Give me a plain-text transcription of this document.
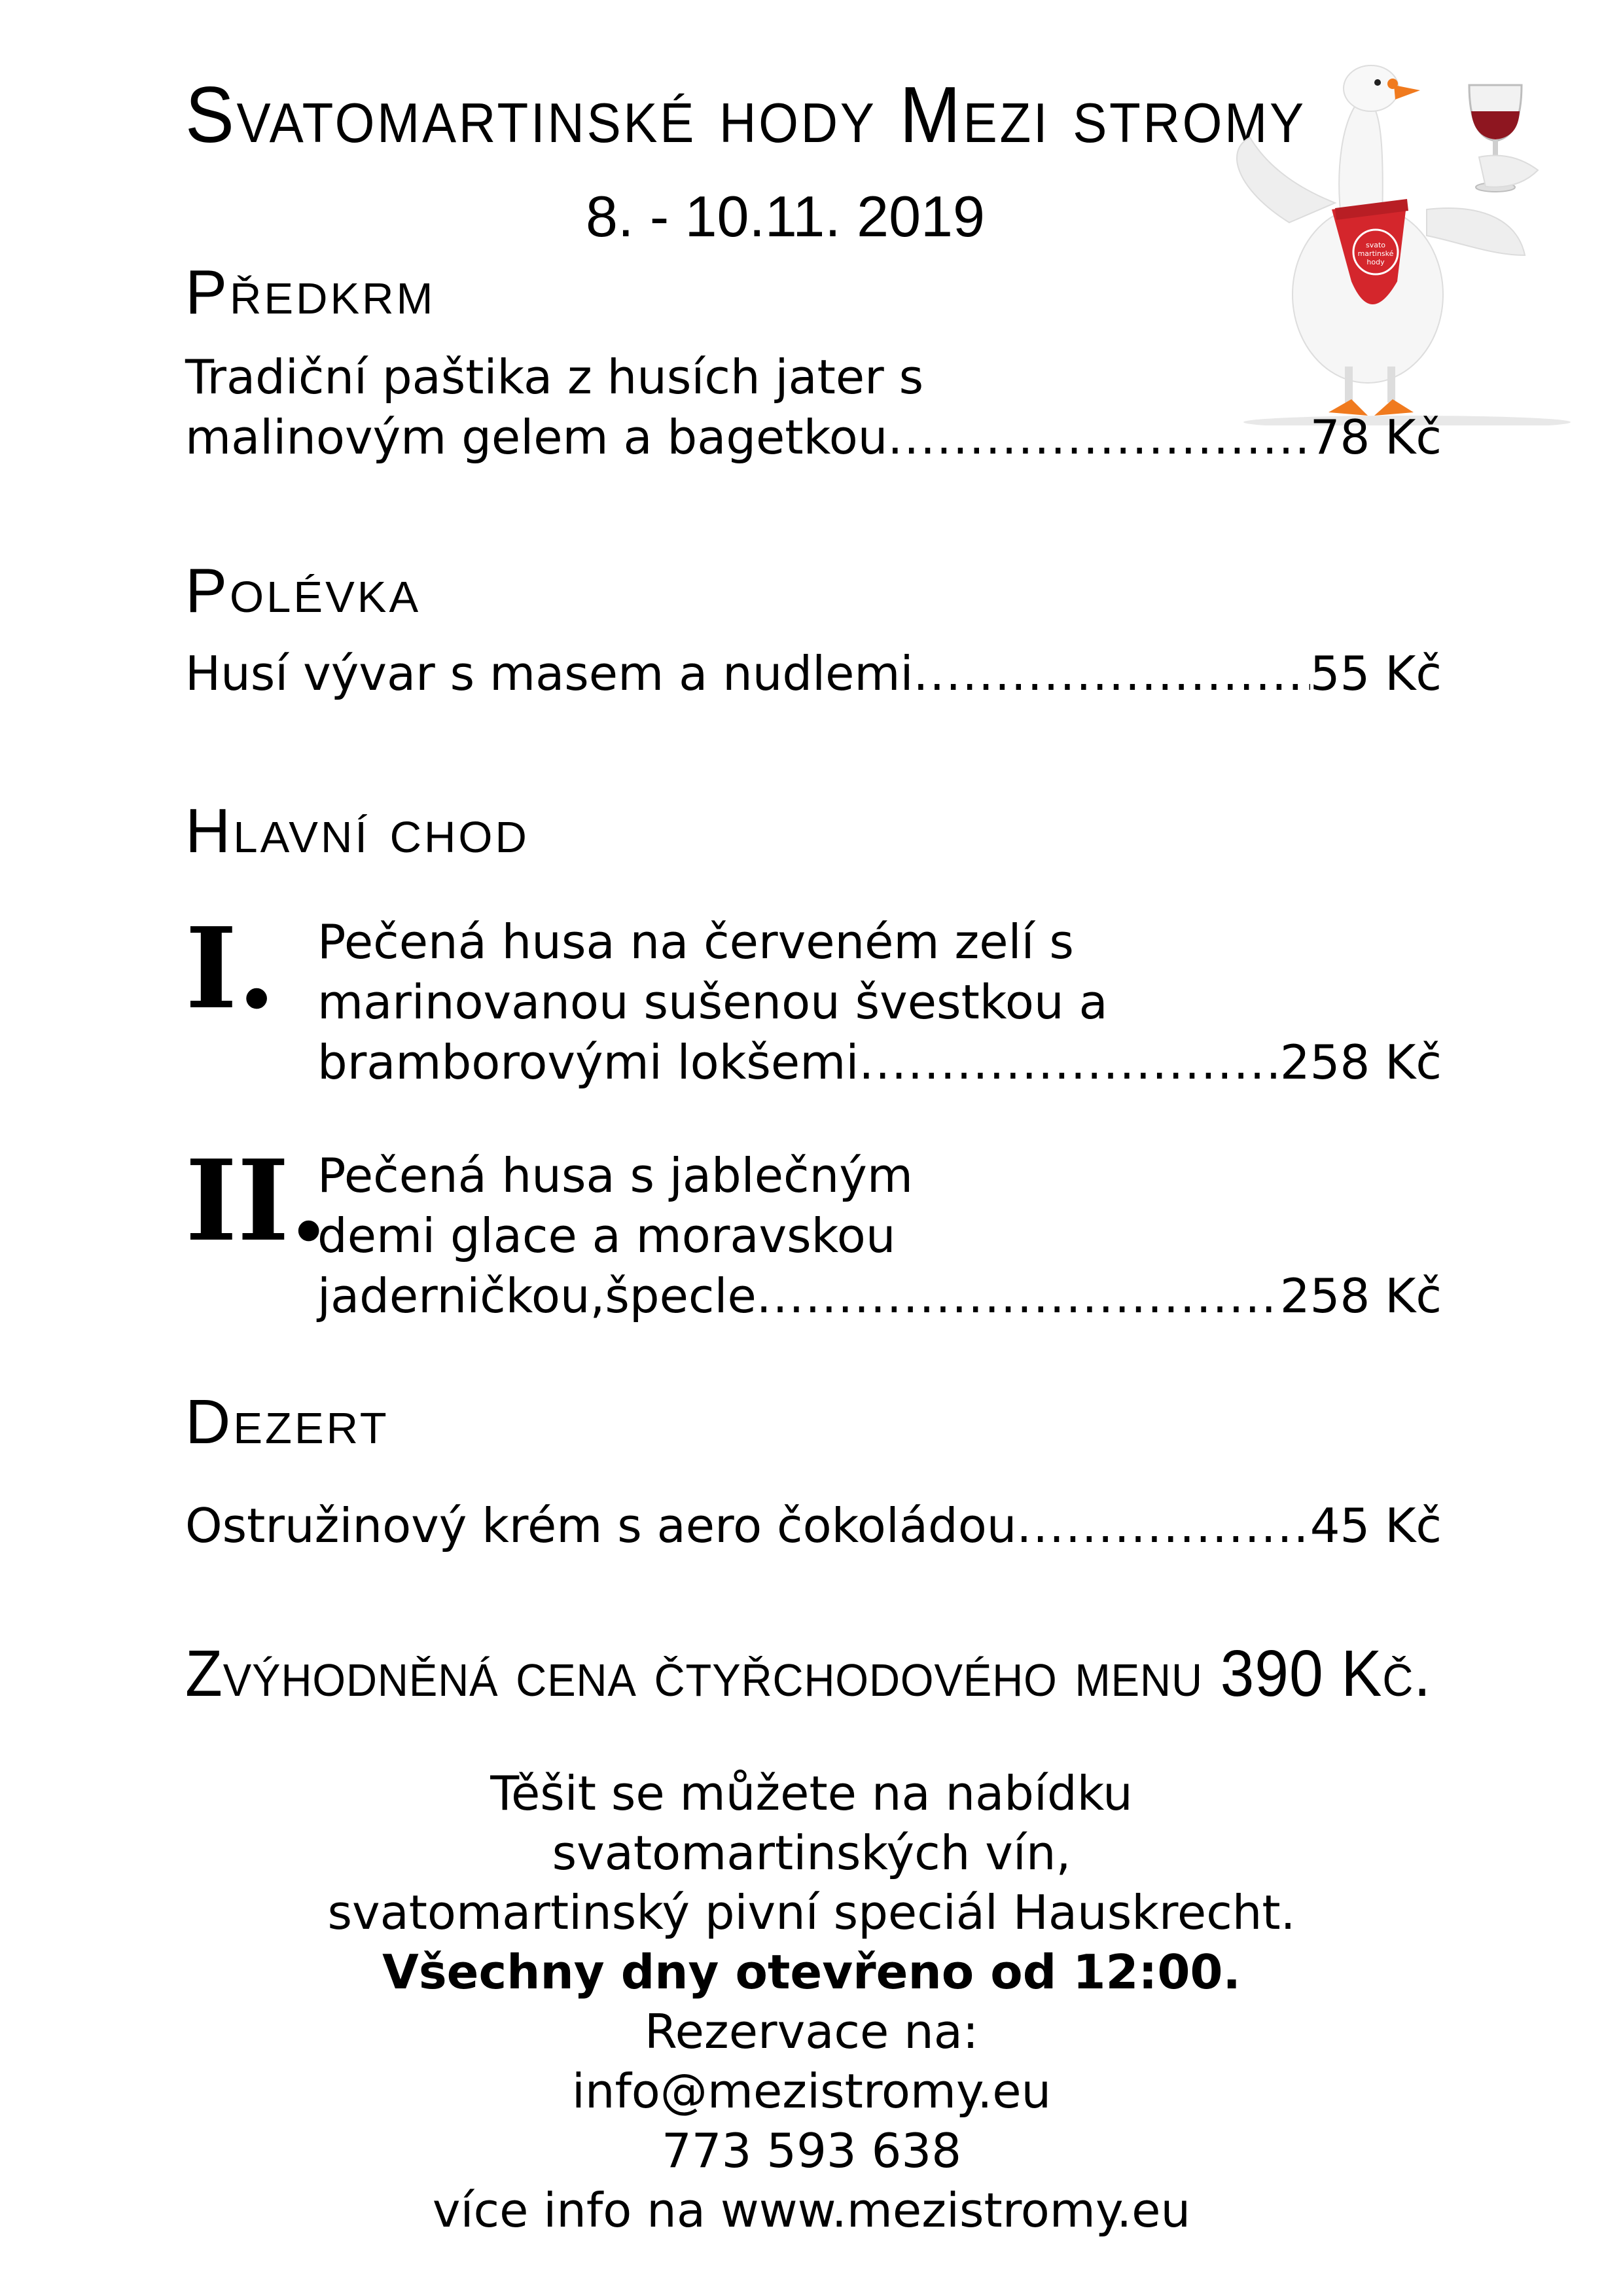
Svatomartinské hody Mezi stromy
8. - 10.11. 2019	svato
martinské
hody
Předkrm
Tradiční paštika z husích jater s
malinovým gelem a bagetkou .....	78 Kč
Polévka
Husí vývar s masem a nudlemi .....	55 Kč
Hlavní chod
I. Pečená husa na červeném zelí s
marinovanou sušenou švestkou a
bramborovými lokšemi .....	258 Kč
II.
Pečená husa s jablečným
demi glace a moravskou
jaderničkou,špecle .....	258 Kč
Dezert
Ostružinový krém s aero čokoládou .....	45 Kč
Zvýhodněná cena čtyřchodového menu 390 Kč.
Těšit se můžete na nabídku
svatomartinských vín,
svatomartinský pivní speciál Hauskrecht.
Všechny dny otevřeno od 12:00.
Rezervace na:
info@mezistromy.eu
773 593 638
více info na www.mezistromy.eu
